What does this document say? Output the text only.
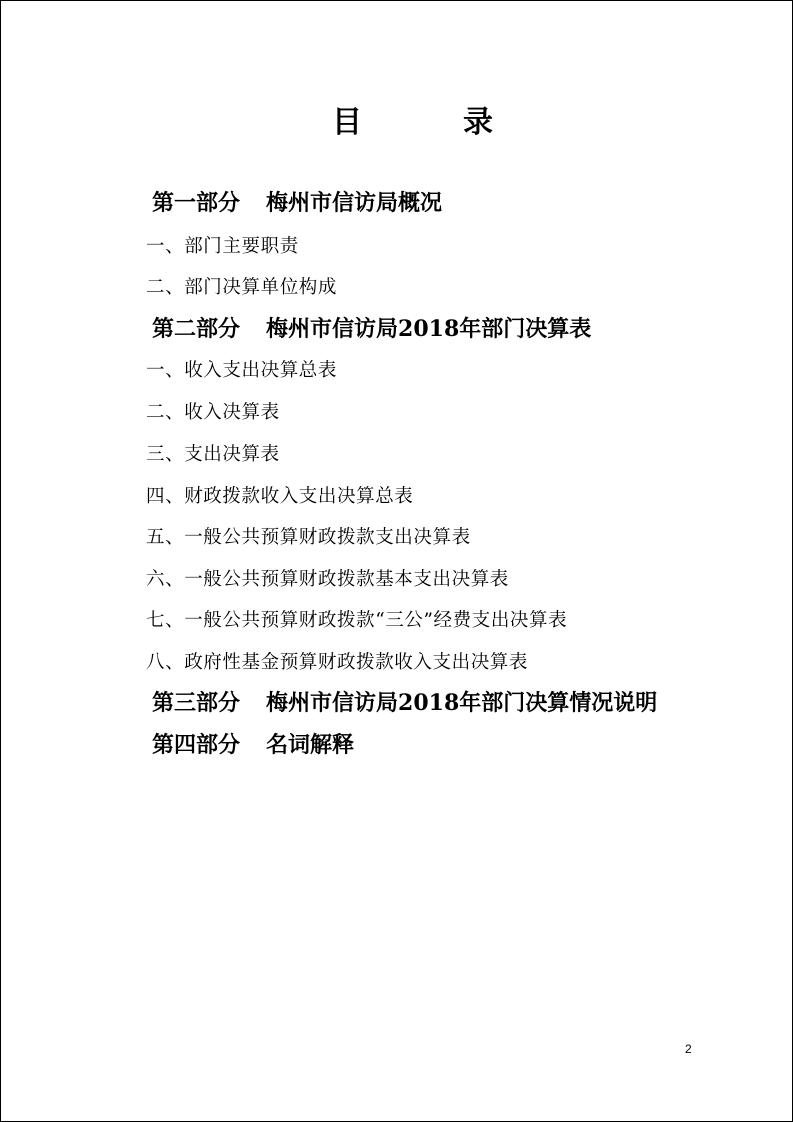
目	录
第一部分 梅州市信访局概况
一、部门主要职责
二、部门决算单位构成
第二部分 梅州市信访局2018年部门决算表
一、收入支出决算总表
二、收入决算表
三、支出决算表
四、财政拨款收入支出决算总表
五、一般公共预算财政拨款支出决算表
六、一般公共预算财政拨款基本支出决算表
七、一般公共预算财政拨款“三公”经费支出决算表
八、政府性基金预算财政拨款收入支出决算表
第三部分 梅州市信访局2018年部门决算情况说明
第四部分 名词解释
2
